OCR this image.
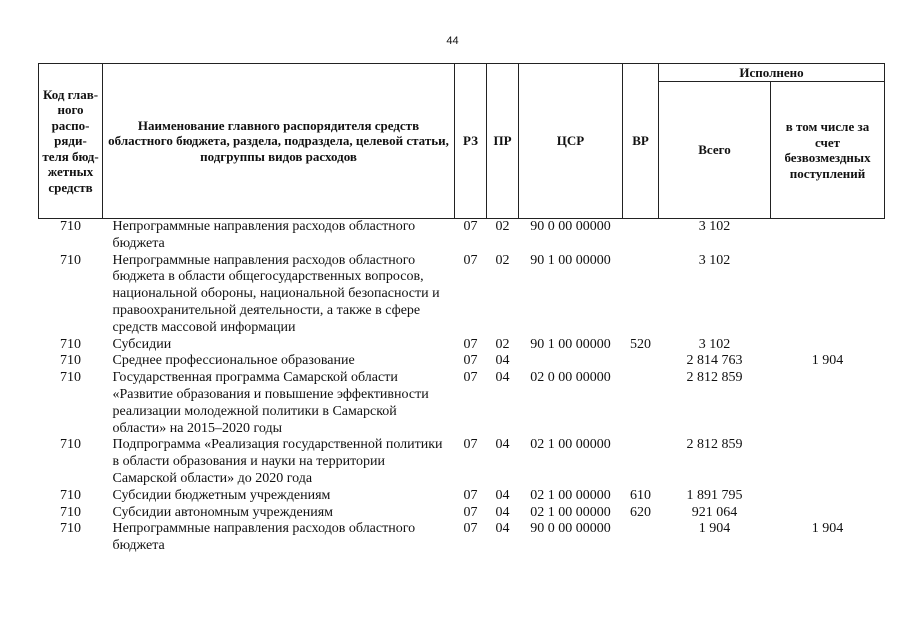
44
Код глав-ного распо-ряди-теля бюд-жетных средств	Наименование главного распорядителя средств областного бюджета, раздела, подраздела, целевой статьи, подгруппы видов расходов	РЗ	ПР	ЦСР	ВР	Исполнено	
						Всего	в том числе за счет безвозмездных поступлений
710	Непрограммные направления расходов областного бюджета	07	02	90 0 00 00000		3 102	
710	Непрограммные направления расходов областного бюджета в области общегосударственных вопросов, национальной обороны, национальной безопасности и правоохранительной деятельности, а также в сфере средств массовой информации	07	02	90 1 00 00000		3 102	
710	Субсидии	07	02	90 1 00 00000	520	3 102	
710	Среднее профессиональное образование	07	04			2 814 763	1 904
710	Государственная программа Самарской области «Развитие образования и повышение эффективности реализации молодежной политики в Самарской области» на 2015–2020 годы	07	04	02 0 00 00000		2 812 859	
710	Подпрограмма «Реализация государственной политики в области образования и науки на территории Самарской области» до 2020 года	07	04	02 1 00 00000		2 812 859	
710	Субсидии бюджетным учреждениям	07	04	02 1 00 00000	610	1 891 795	
710	Субсидии автономным учреждениям	07	04	02 1 00 00000	620	921 064	
710	Непрограммные направления расходов областного бюджета	07	04	90 0 00 00000		1 904	1 904
